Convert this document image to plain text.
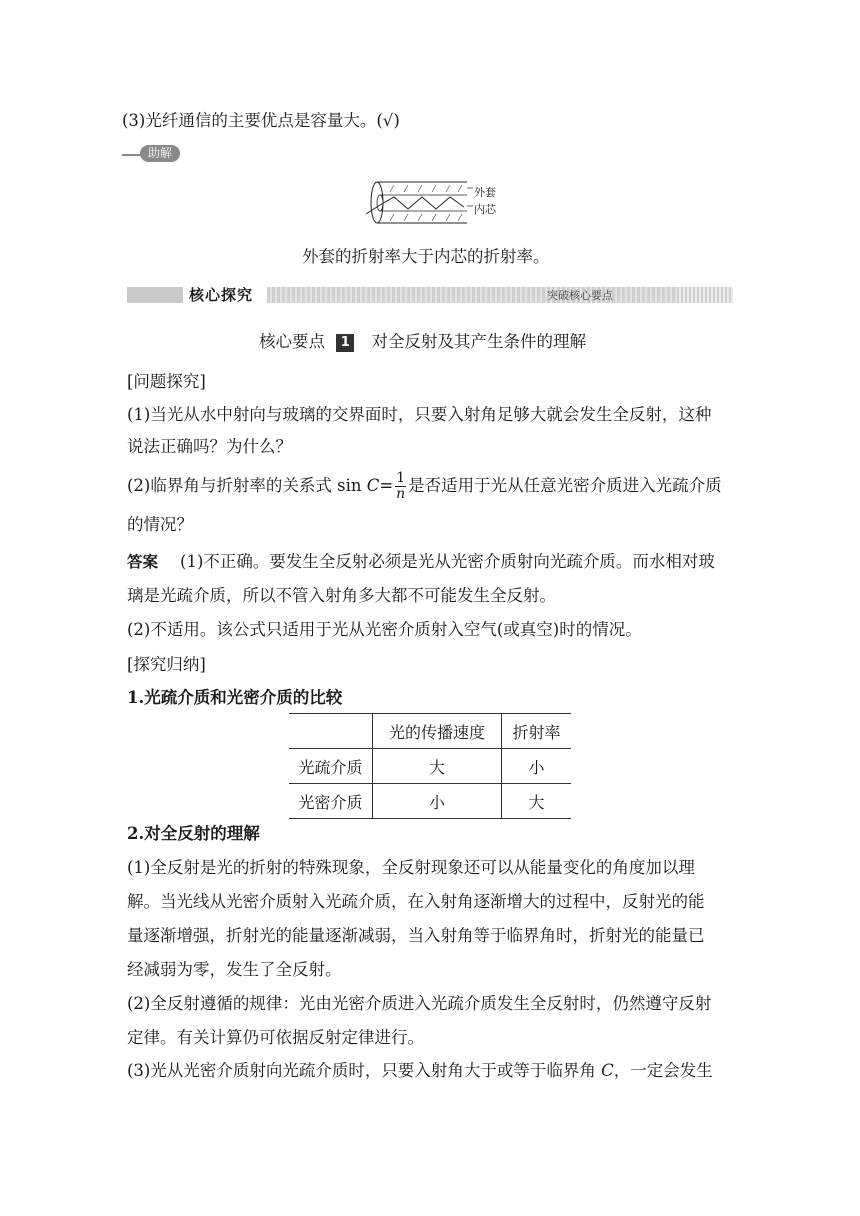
(3)光纤通信的主要优点是容量大。(√)
助解
外套
内芯
外套的折射率大于内芯的折射率。
核心探究	突破核心要点
核心要点 1 对全反射及其产生条件的理解
[问题探究]
(1)当光从水中射向与玻璃的交界面时，只要入射角足够大就会发生全反射，这种
说法正确吗？为什么？
(2)临界角与折射率的关系式 $\sin C= \frac{1}{n}$ 是否适用于光从任意光密介质进入光疏介质
的情况？
答案 (1)不正确。要发生全反射必须是光从光密介质射向光疏介质。而水相对玻
璃是光疏介质，所以不管入射角多大都不可能发生全反射。
(2)不适用。该公式只适用于光从光密介质射入空气(或真空)时的情况。
[探究归纳]
1.光疏介质和光密介质的比较
	光的传播速度	折射率
光疏介质	大	小
光密介质	小	大
2.对全反射的理解
(1)全反射是光的折射的特殊现象，全反射现象还可以从能量变化的角度加以理
解。当光线从光密介质射入光疏介质，在入射角逐渐增大的过程中，反射光的能
量逐渐增强，折射光的能量逐渐减弱，当入射角等于临界角时，折射光的能量已
经减弱为零，发生了全反射。
(2)全反射遵循的规律：光由光密介质进入光疏介质发生全反射时，仍然遵守反射
定律。有关计算仍可依据反射定律进行。
(3)光从光密介质射向光疏介质时，只要入射角大于或等于临界角 C，一定会发生
